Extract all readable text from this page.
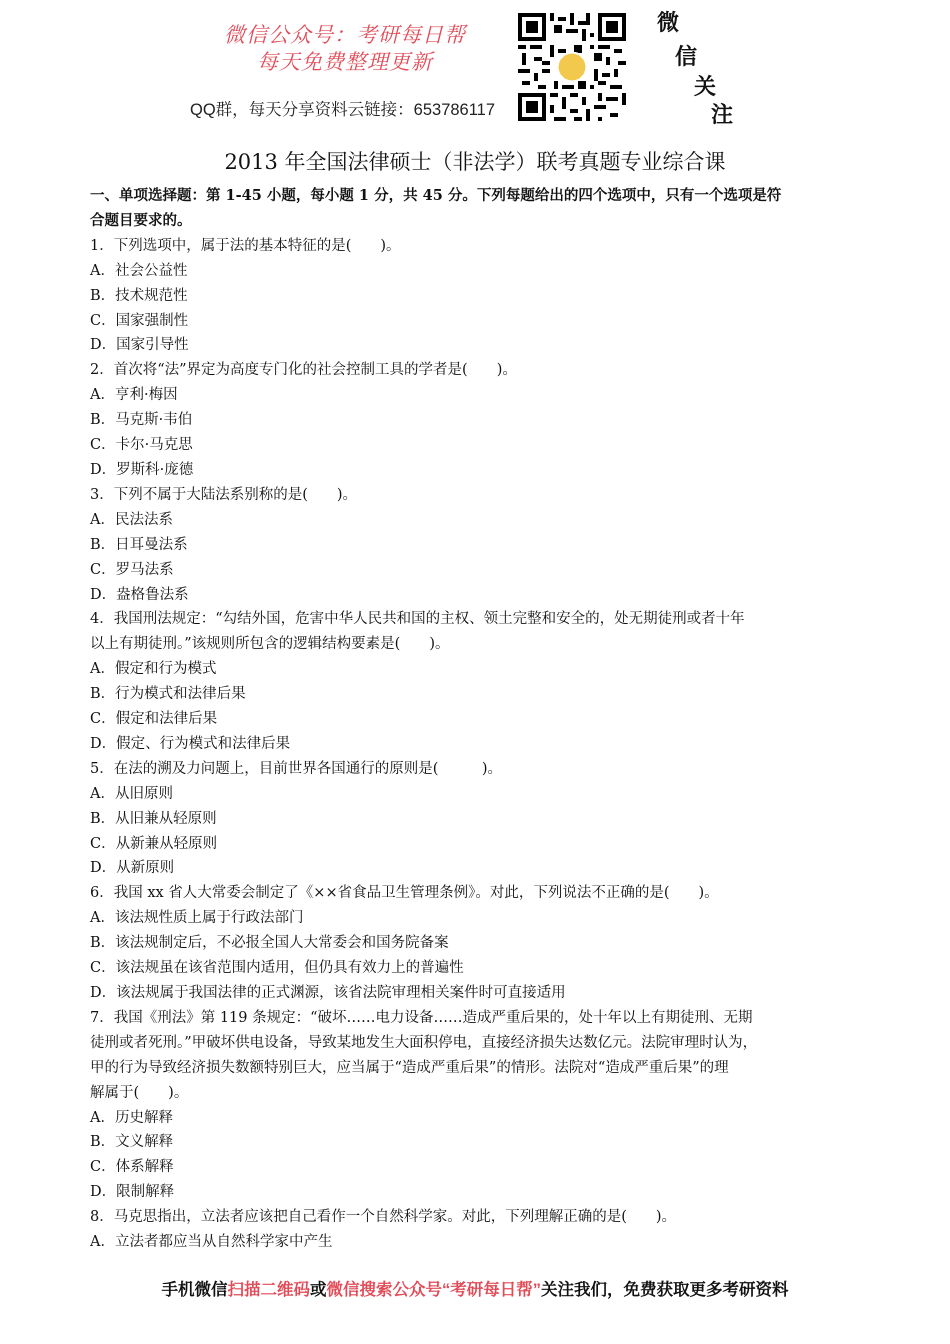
微信公众号：考研每日帮
每天免费整理更新
QQ群，每天分享资料云链接：653786117
微
信
关
注
2013 年全国法律硕士（非法学）联考真题专业综合课
一、单项选择题：第 1-45 小题，每小题 1 分，共 45 分。下列每题给出的四个选项中，只有一个选项是符
合题目要求的。
1．下列选项中，属于法的基本特征的是(　　)。
A．社会公益性
B．技术规范性
C．国家强制性
D．国家引导性
2．首次将“法”界定为高度专门化的社会控制工具的学者是(　　)。
A．亨利·梅因
B．马克斯·韦伯
C．卡尔·马克思
D．罗斯科·庞德
3．下列不属于大陆法系别称的是(　　)。
A．民法法系
B．日耳曼法系
C．罗马法系
D．盎格鲁法系
4．我国刑法规定：“勾结外国，危害中华人民共和国的主权、领土完整和安全的，处无期徒刑或者十年
以上有期徒刑。”该规则所包含的逻辑结构要素是(　　)。
A．假定和行为模式
B．行为模式和法律后果
C．假定和法律后果
D．假定、行为模式和法律后果
5．在法的溯及力问题上，目前世界各国通行的原则是(　　　)。
A．从旧原则
B．从旧兼从轻原则
C．从新兼从轻原则
D．从新原则
6．我国 xx 省人大常委会制定了《××省食品卫生管理条例》。对此，下列说法不正确的是(　　)。
A．该法规性质上属于行政法部门
B．该法规制定后，不必报全国人大常委会和国务院备案
C．该法规虽在该省范围内适用，但仍具有效力上的普遍性
D．该法规属于我国法律的正式渊源，该省法院审理相关案件时可直接适用
7．我国《刑法》第 119 条规定：“破坏……电力设备……造成严重后果的，处十年以上有期徒刑、无期
徒刑或者死刑。”甲破坏供电设备，导致某地发生大面积停电，直接经济损失达数亿元。法院审理时认为，
甲的行为导致经济损失数额特别巨大，应当属于“造成严重后果”的情形。法院对“造成严重后果”的理
解属于(　　)。
A．历史解释
B．文义解释
C．体系解释
D．限制解释
8．马克思指出，立法者应该把自己看作一个自然科学家。对此，下列理解正确的是(　　)。
A．立法者都应当从自然科学家中产生
手机微信扫描二维码或微信搜索公众号“考研每日帮”关注我们，免费获取更多考研资料
